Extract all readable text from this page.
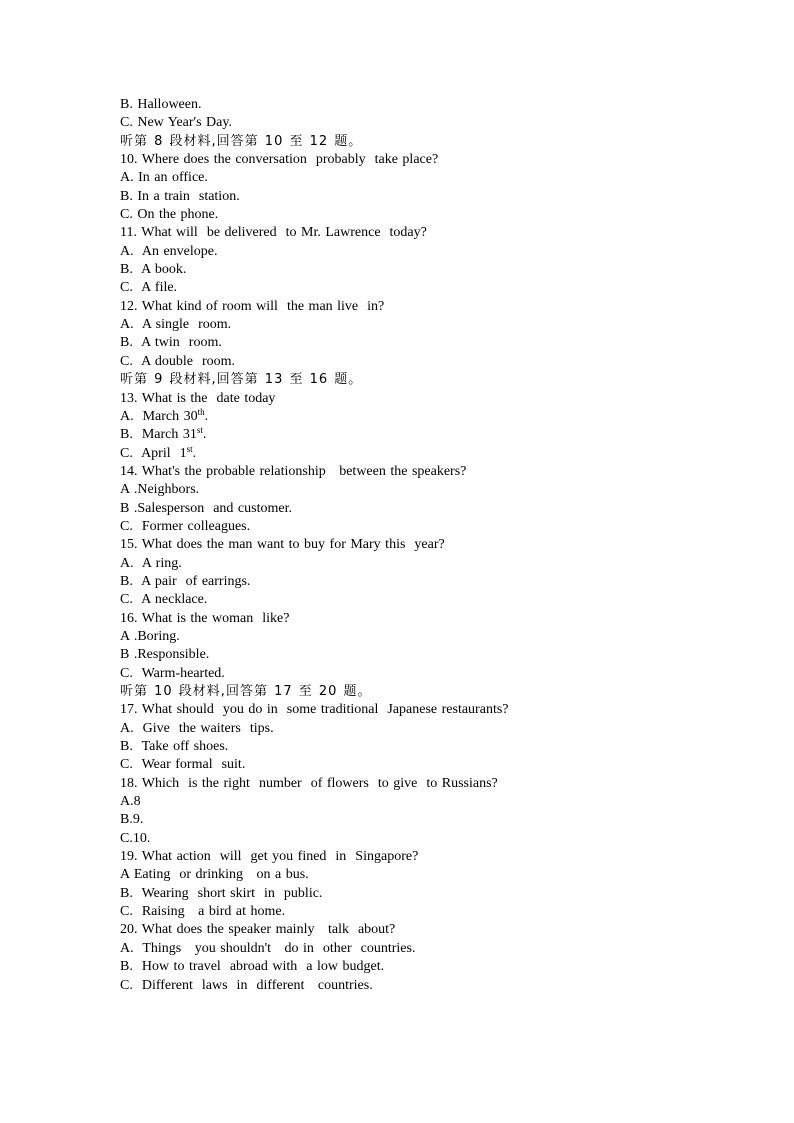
B. Halloween.
C. New Year's Day.
听第 8 段材料,回答第 10 至 12 题。
10. Where does the conversation  probably  take place?
A. In an office.
B. In a train  station.
C. On the phone.
11. What will  be delivered  to Mr. Lawrence  today?
A.  An envelope.
B.  A book.
C.  A file.
12. What kind of room will  the man live  in?
A.  A single  room.
B.  A twin  room.
C.  A double  room.
听第 9 段材料,回答第 13 至 16 题。
13. What is the  date today
A.  March 30th.
B.  March 31st.
C.  April  1st.
14. What's the probable relationship   between the speakers?
A .Neighbors.
B .Salesperson  and customer.
C.  Former colleagues.
15. What does the man want to buy for Mary this  year?
A.  A ring.
B.  A pair  of earrings.
C.  A necklace.
16. What is the woman  like?
A .Boring.
B .Responsible.
C.  Warm-hearted.
听第 10 段材料,回答第 17 至 20 题。
17. What should  you do in  some traditional  Japanese restaurants?
A.  Give  the waiters  tips.
B.  Take off shoes.
C.  Wear formal  suit.
18. Which  is the right  number  of flowers  to give  to Russians?
A.8
B.9.
C.10.
19. What action  will  get you fined  in  Singapore?
A Eating  or drinking   on a bus.
B.  Wearing  short skirt  in  public.
C.  Raising   a bird at home.
20. What does the speaker mainly   talk  about?
A.  Things   you shouldn't   do in  other  countries.
B.  How to travel  abroad with  a low budget.
C.  Different  laws  in  different   countries.
